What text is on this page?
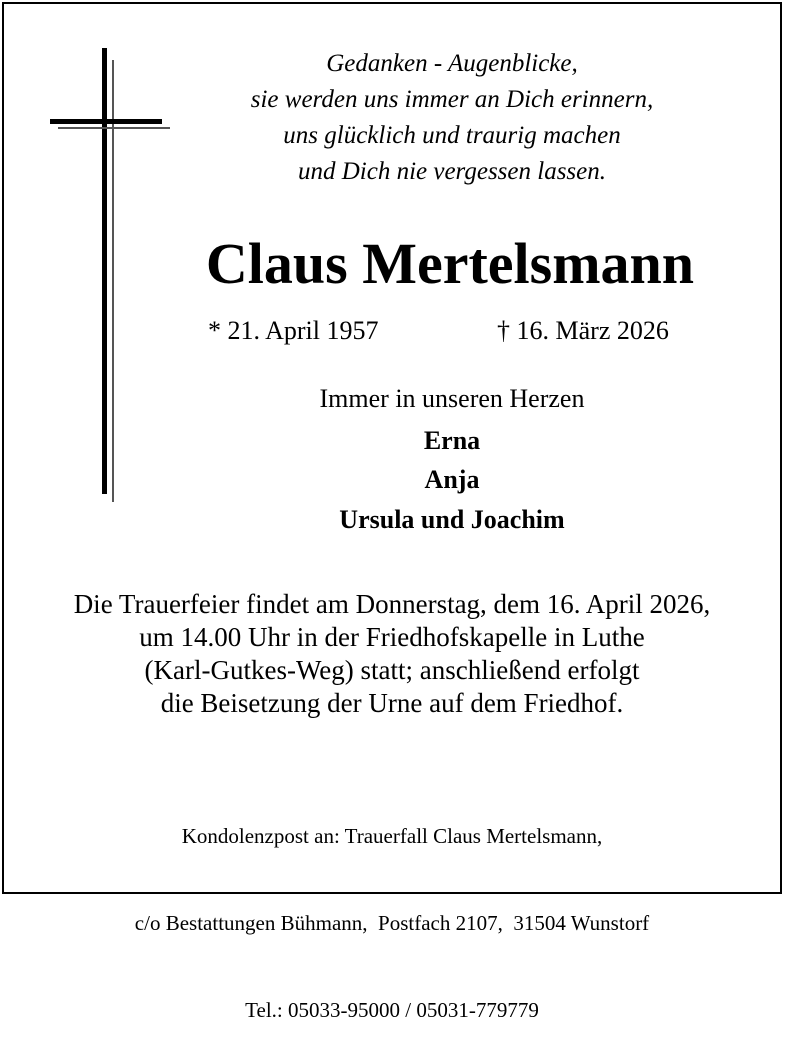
Gedanken - Augenblicke,
sie werden uns immer an Dich erinnern,
uns glücklich und traurig machen
und Dich nie vergessen lassen.
Claus Mertelsmann
* 21. April 1957	† 16. März 2026
Immer in unseren Herzen
Erna
Anja
Ursula und Joachim
Die Trauerfeier findet am Donnerstag, dem 16. April 2026,
um 14.00 Uhr in der Friedhofskapelle in Luthe
(Karl-Gutkes-Weg) statt; anschließend erfolgt
die Beisetzung der Urne auf dem Friedhof.

Kondolenzpost an: Trauerfall Claus Mertelsmann,

c/o Bestattungen Bühmann,  Postfach 2107,  31504 Wunstorf

Tel.: 05033-95000 / 05031-779779
